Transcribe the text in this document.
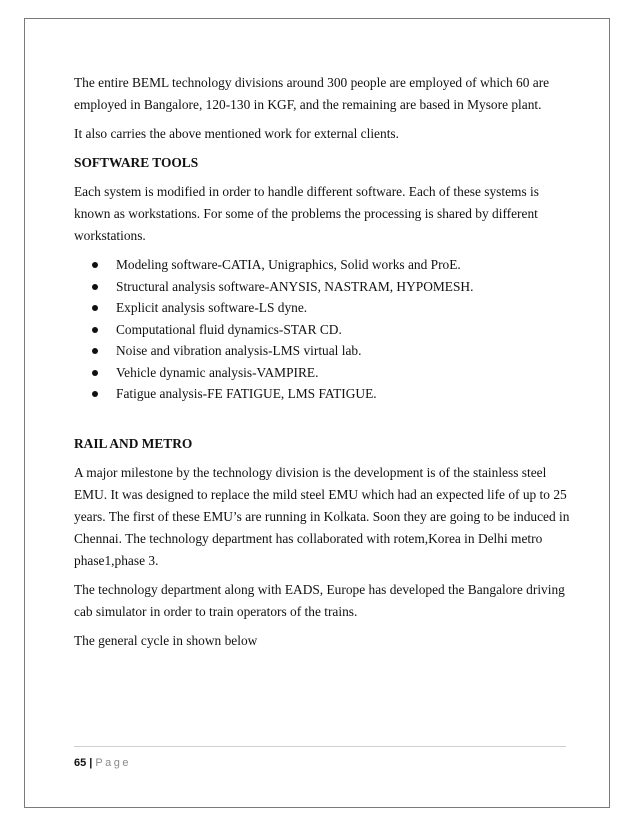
The entire BEML technology divisions around 300 people are employed of which 60 are employed in Bangalore, 120-130 in KGF, and the remaining are based in Mysore plant.

It also carries the above mentioned work for external clients.

SOFTWARE TOOLS

Each system is modified in order to handle different software. Each of these systems is known as workstations. For some of the problems the processing is shared by different workstations.

Modeling software-CATIA, Unigraphics, Solid works and ProE.
Structural analysis software-ANYSIS, NASTRAM, HYPOMESH.
Explicit analysis software-LS dyne.
Computational fluid dynamics-STAR CD.
Noise and vibration analysis-LMS virtual lab.
Vehicle dynamic analysis-VAMPIRE.
Fatigue analysis-FE FATIGUE, LMS FATIGUE.

RAIL AND METRO

A major milestone by the technology division is the development is of the stainless steel EMU. It was designed to replace the mild steel EMU which had an expected life of up to 25 years. The first of these EMU’s are running in Kolkata. Soon they are going to be induced in Chennai. The technology department has collaborated with rotem,Korea in Delhi metro phase1,phase 3.

The technology department along with EADS, Europe has developed the Bangalore driving cab simulator in order to train operators of the trains.

The general cycle in shown below

65 | Page
